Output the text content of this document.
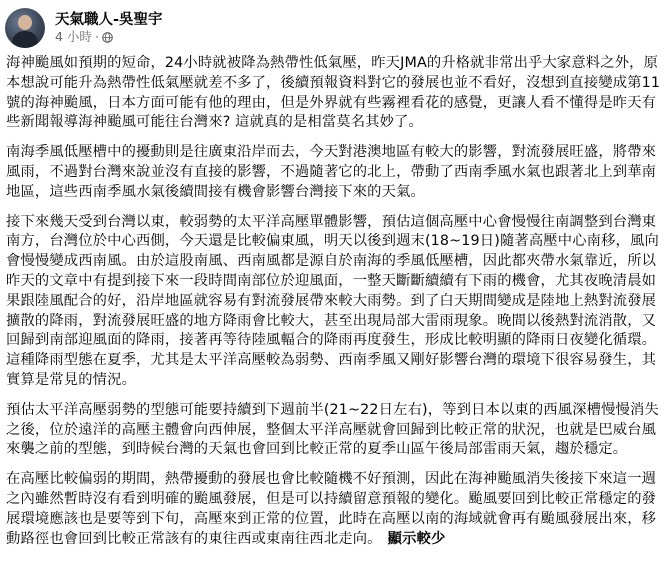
天氣職人-吳聖宇
4 小時 ·

海神颱風如預期的短命，24小時就被降為熱帶性低氣壓，昨天JMA的升格就非常出乎大家意料之外，原本想說可能升為熱帶性低氣壓就差不多了，後續預報資料對它的發展也並不看好，沒想到直接變成第11號的海神颱風，日本方面可能有他的理由，但是外界就有些霧裡看花的感覺，更讓人看不懂得是昨天有些新聞報導海神颱風可能往台灣來? 這就真的是相當莫名其妙了。

南海季風低壓槽中的擾動則是往廣東沿岸而去，今天對港澳地區有較大的影響，對流發展旺盛，將帶來風雨，不過對台灣來說並沒有直接的影響，不過隨著它的北上，帶動了西南季風水氣也跟著北上到華南地區，這些西南季風水氣後續間接有機會影響台灣接下來的天氣。

接下來幾天受到台灣以東，較弱勢的太平洋高壓單體影響，預估這個高壓中心會慢慢往南調整到台灣東南方，台灣位於中心西側，今天還是比較偏東風，明天以後到週末(18~19日)隨著高壓中心南移，風向會慢慢變成西南風。由於這股南風、西南風都是源自於南海的季風低壓槽，因此都夾帶水氣靠近，所以昨天的文章中有提到接下來一段時間南部位於迎風面，一整天斷斷續續有下雨的機會，尤其夜晚清晨如果跟陸風配合的好，沿岸地區就容易有對流發展帶來較大雨勢。到了白天期間變成是陸地上熱對流發展擴散的降雨，對流發展旺盛的地方降雨會比較大，甚至出現局部大雷雨現象。晚間以後熱對流消散，又回歸到南部迎風面的降雨，接著再等待陸風輻合的降雨再度發生，形成比較明顯的降雨日夜變化循環。這種降雨型態在夏季，尤其是太平洋高壓較為弱勢、西南季風又剛好影響台灣的環境下很容易發生，其實算是常見的情況。

預估太平洋高壓弱勢的型態可能要持續到下週前半(21~22日左右)，等到日本以東的西風深槽慢慢消失之後，位於遠洋的高壓主體會向西伸展，整個太平洋高壓就會回歸到比較正常的狀況，也就是巴威台風來襲之前的型態，到時候台灣的天氣也會回到比較正常的夏季山區午後局部雷雨天氣，趨於穩定。

在高壓比較偏弱的期間，熱帶擾動的發展也會比較隨機不好預測，因此在海神颱風消失後接下來這一週之內雖然暫時沒有看到明確的颱風發展，但是可以持續留意預報的變化。颱風要回到比較正常穩定的發展環境應該也是要等到下旬，高壓來到正常的位置，此時在高壓以南的海域就會再有颱風發展出來，移動路徑也會回到比較正常該有的東往西或東南往西北走向。 顯示較少
